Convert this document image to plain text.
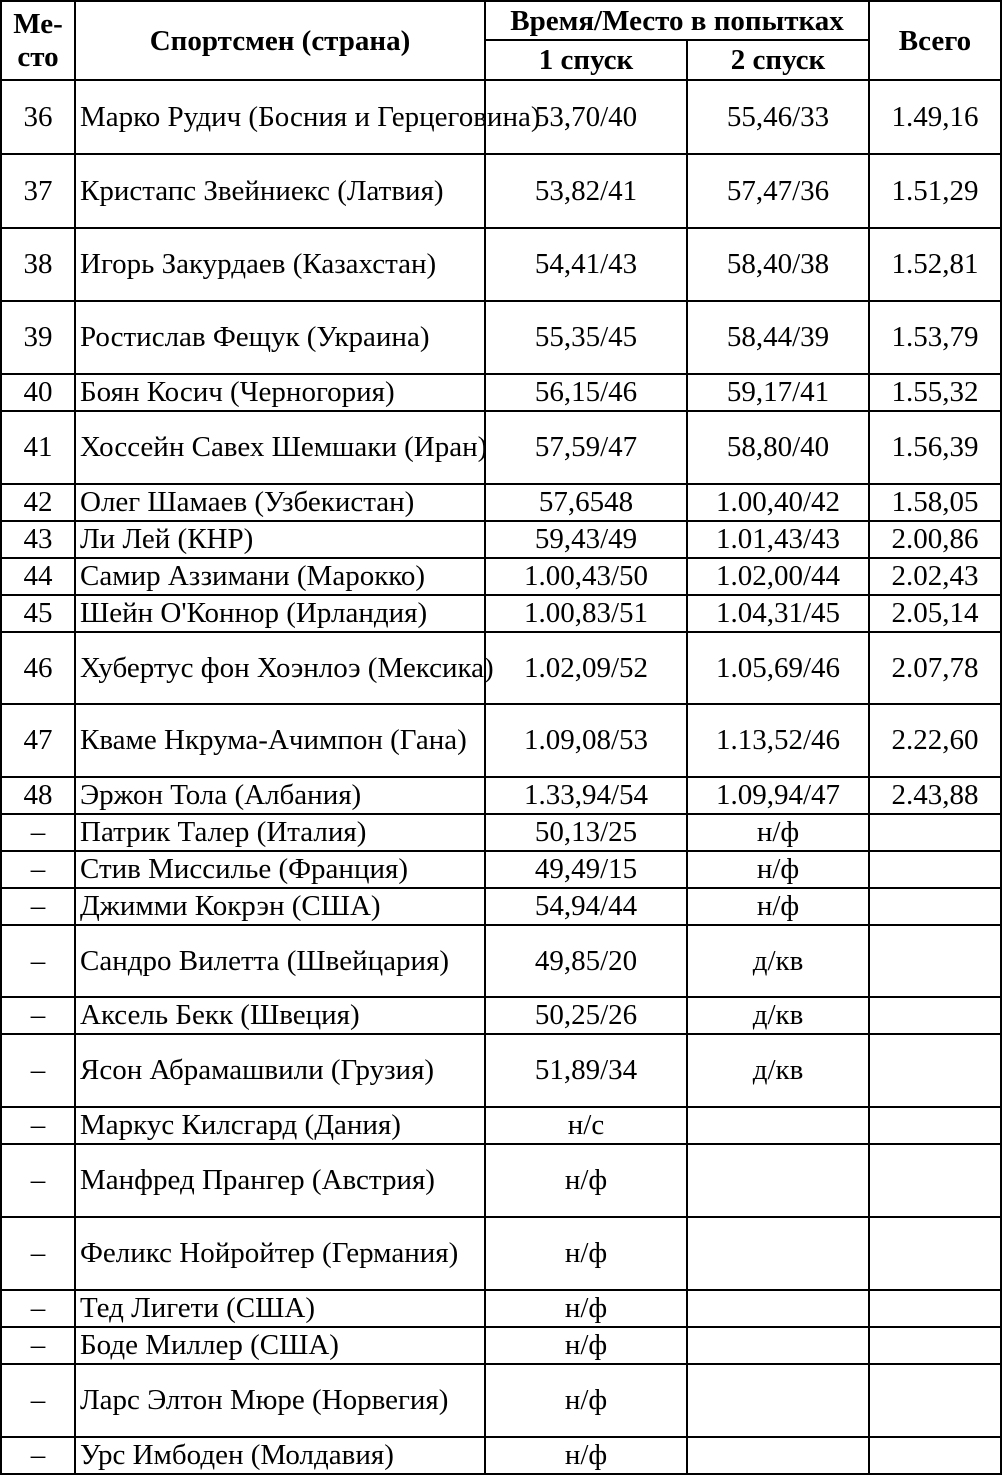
Ме-
сто	Спортсмен (страна)	Время/Место в попытках		Всего
		1 спуск	2 спуск	
36	Марко Рудич (Босния и Герцеговина)	53,70/40	55,46/33	1.49,16
37	Кристапс Звейниекс (Латвия)	53,82/41	57,47/36	1.51,29
38	Игорь Закурдаев (Казахстан)	54,41/43	58,40/38	1.52,81
39	Ростислав Фещук (Украина)	55,35/45	58,44/39	1.53,79
40	Боян Косич (Черногория)	56,15/46	59,17/41	1.55,32
41	Хоссейн Савех Шемшаки (Иран)	57,59/47	58,80/40	1.56,39
42	Олег Шамаев (Узбекистан)	57,6548	1.00,40/42	1.58,05
43	Ли Лей (КНР)	59,43/49	1.01,43/43	2.00,86
44	Самир Аззимани (Марокко)	1.00,43/50	1.02,00/44	2.02,43
45	Шейн О'Коннор (Ирландия)	1.00,83/51	1.04,31/45	2.05,14
46	Хубертус фон Хоэнлоэ (Мексика)	1.02,09/52	1.05,69/46	2.07,78
47	Кваме Нкрума-Ачимпон (Гана)	1.09,08/53	1.13,52/46	2.22,60
48	Эржон Тола (Албания)	1.33,94/54	1.09,94/47	2.43,88
–	Патрик Талер (Италия)	50,13/25	н/ф	
–	Стив Миссилье (Франция)	49,49/15	н/ф	
–	Джимми Кокрэн (США)	54,94/44	н/ф	
–	Сандро Вилетта (Швейцария)	49,85/20	д/кв	
–	Аксель Бекк (Швеция)	50,25/26	д/кв	
–	Ясон Абрамашвили (Грузия)	51,89/34	д/кв	
–	Маркус Килсгард (Дания)	н/с		
–	Манфред Прангер (Австрия)	н/ф		
–	Феликс Нойройтер (Германия)	н/ф		
–	Тед Лигети (США)	н/ф		
–	Боде Миллер (США)	н/ф		
–	Ларс Элтон Мюре (Норвегия)	н/ф		
–	Урс Имбоден (Молдавия)	н/ф		
